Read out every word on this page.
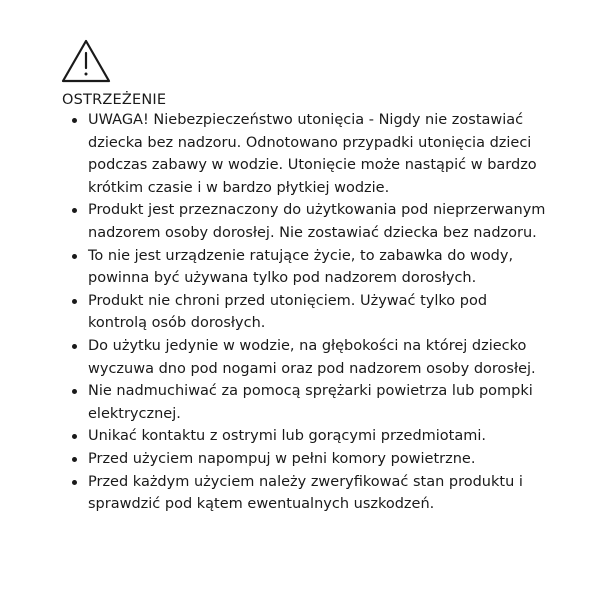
OSTRZEŻENIE
UWAGA! Niebezpieczeństwo utonięcia - Nigdy nie zostawiać dziecka bez nadzoru. Odnotowano przypadki utonięcia dzieci podczas zabawy w wodzie. Utonięcie może nastąpić w bardzo krótkim czasie i w bardzo płytkiej wodzie.
Produkt jest przeznaczony do użytkowania pod nieprzerwanym nadzorem osoby dorosłej. Nie zostawiać dziecka bez nadzoru.
To nie jest urządzenie ratujące życie, to zabawka do wody, powinna być używana tylko pod nadzorem dorosłych.
Produkt nie chroni przed utonięciem. Używać tylko pod kontrolą osób dorosłych.
Do użytku jedynie w wodzie, na głębokości na której dziecko wyczuwa dno pod nogami oraz pod nadzorem osoby dorosłej.
Nie nadmuchiwać za pomocą sprężarki powietrza lub pompki elektrycznej.
Unikać kontaktu z ostrymi lub gorącymi przedmiotami.
Przed użyciem napompuj w pełni komory powietrzne.
Przed każdym użyciem należy zweryfikować stan produktu i sprawdzić pod kątem ewentualnych uszkodzeń.
